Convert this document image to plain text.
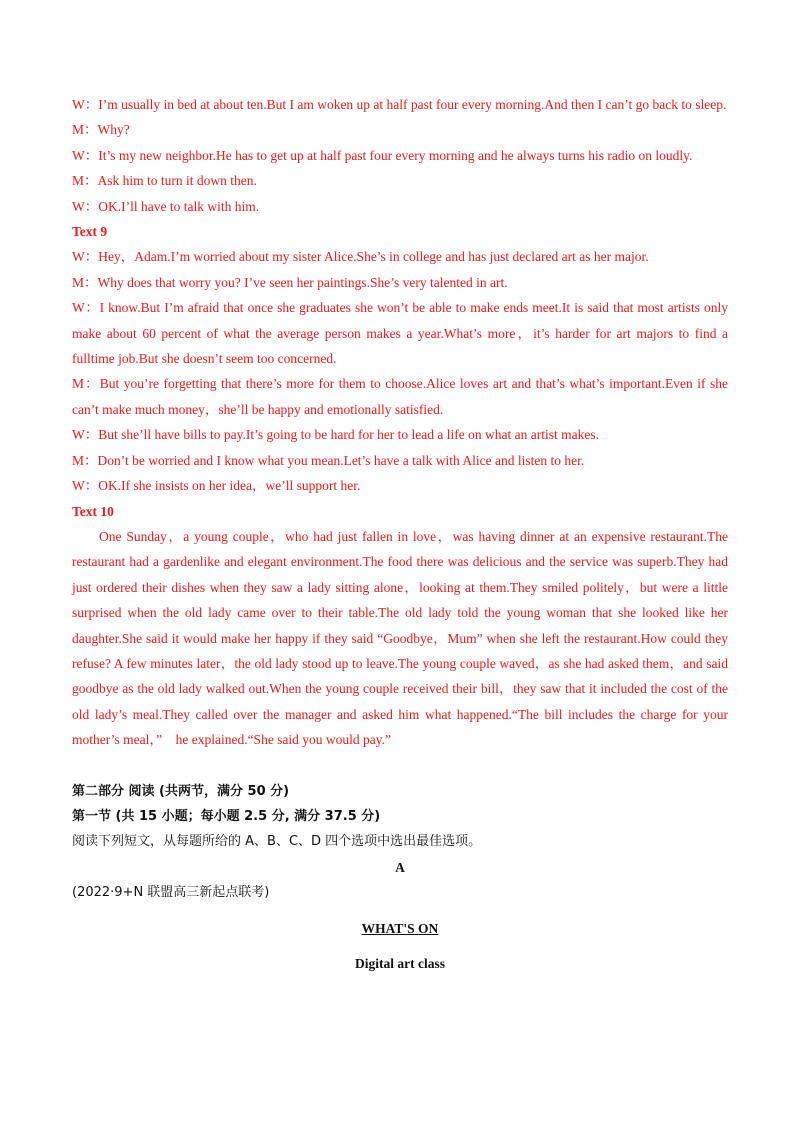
W：I’m usually in bed at about ten.But I am woken up at half past four every morning.And then I can’t go back to sleep.

M：Why?

W：It’s my new neighbor.He has to get up at half past four every morning and he always turns his radio on loudly.

M：Ask him to turn it down then.

W：OK.I’ll have to talk with him.

Text 9

W：Hey，Adam.I’m worried about my sister Alice.She’s in college and has just declared art as her major.

M：Why does that worry you? I’ve seen her paintings.She’s very talented in art.

W：I know.But I’m afraid that once she graduates she won’t be able to make ends meet.It is said that most artists only make about 60 percent of what the average person makes a year.What’s more，it’s harder for art majors to find a fulltime job.But she doesn’t seem too concerned.

M：But you’re forgetting that there’s more for them to choose.Alice loves art and that’s what’s important.Even if she can’t make much money，she’ll be happy and emotionally satisfied.

W：But she’ll have bills to pay.It’s going to be hard for her to lead a life on what an artist makes.

M：Don’t be worried and I know what you mean.Let’s have a talk with Alice and listen to her.

W：OK.If she insists on her idea，we’ll support her.

Text 10

One Sunday，a young couple，who had just fallen in love，was having dinner at an expensive restaurant.The restaurant had a gardenlike and elegant environment.The food there was delicious and the service was superb.They had just ordered their dishes when they saw a lady sitting alone，looking at them.They smiled politely，but were a little surprised when the old lady came over to their table.The old lady told the young woman that she looked like her daughter.She said it would make her happy if they said “Goodbye，Mum” when she left the restaurant.How could they refuse? A few minutes later，the old lady stood up to leave.The young couple waved，as she had asked them，and said goodbye as the old lady walked out.When the young couple received their bill，they saw that it included the cost of the old lady’s meal.They called over the manager and asked him what happened.“The bill includes the charge for your mother’s meal，”　he explained.“She said you would pay.”

第二部分 阅读 (共两节，满分 50 分)

第一节 (共 15 小题；每小题 2.5 分, 满分 37.5 分)

阅读下列短文，从每题所给的 A、B、C、D 四个选项中选出最佳选项。

A

(2022·9+N 联盟高三新起点联考)

WHAT'S ON

Digital art class
